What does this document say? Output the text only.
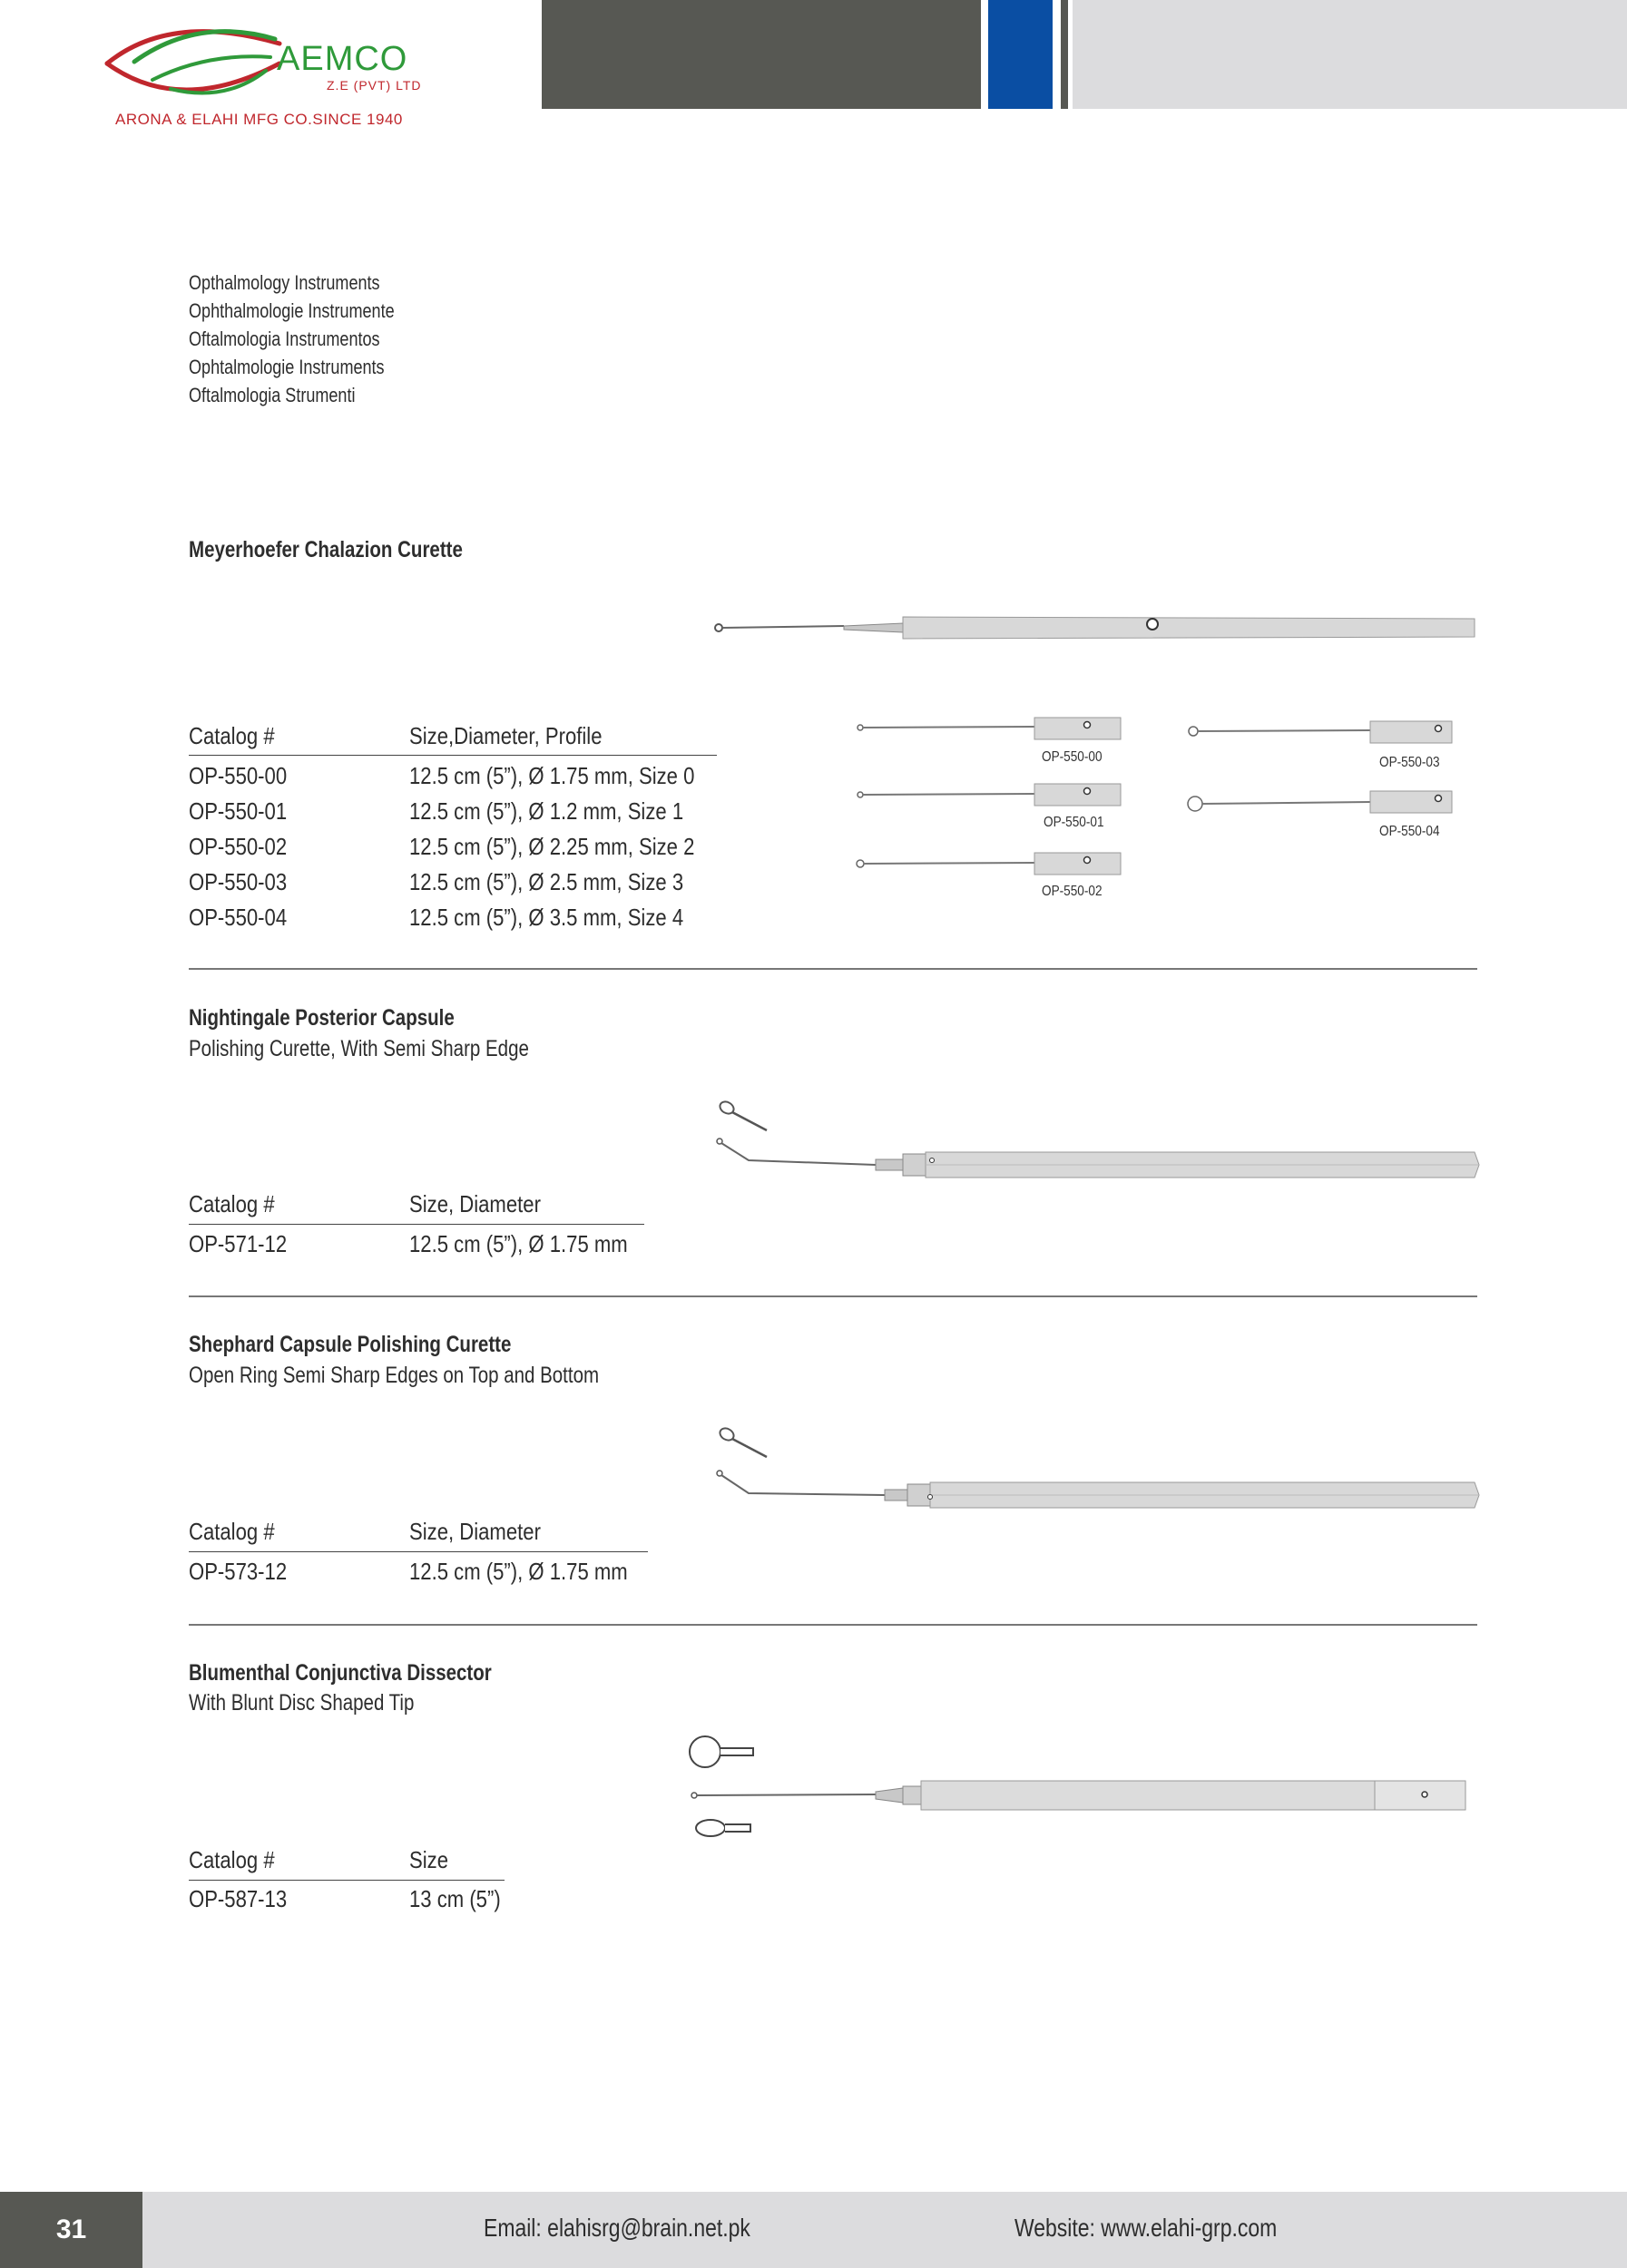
AEMCO
Z.E (PVT) LTD
ARONA & ELAHI MFG CO.SINCE 1940
Opthalmology Instruments
Ophthalmologie Instrumente
Oftalmologia Instrumentos
Ophtalmologie Instruments
Oftalmologia Strumenti
Meyerhoefer Chalazion Curette
Catalog #	Size,Diameter, Profile
OP-550-00	12.5 cm (5”), Ø 1.75 mm, Size 0
OP-550-01	12.5 cm (5”), Ø 1.2 mm, Size 1
OP-550-02	12.5 cm (5”), Ø 2.25 mm, Size 2
OP-550-03	12.5 cm (5”), Ø 2.5 mm, Size 3
OP-550-04	12.5 cm (5”), Ø 3.5 mm, Size 4
OP-550-00
OP-550-01
OP-550-02
OP-550-03
OP-550-04
Nightingale Posterior Capsule
Polishing Curette, With Semi Sharp Edge
Catalog #	Size, Diameter
OP-571-12	12.5 cm (5”), Ø 1.75 mm
Shephard Capsule Polishing Curette
Open Ring Semi Sharp Edges on Top and Bottom
Catalog #	Size, Diameter
OP-573-12	12.5 cm (5”), Ø 1.75 mm
Blumenthal Conjunctiva Dissector
With Blunt Disc Shaped Tip
Catalog #	Size
OP-587-13	13 cm (5”)
31	Email: elahisrg@brain.net.pk	Website: www.elahi-grp.com
